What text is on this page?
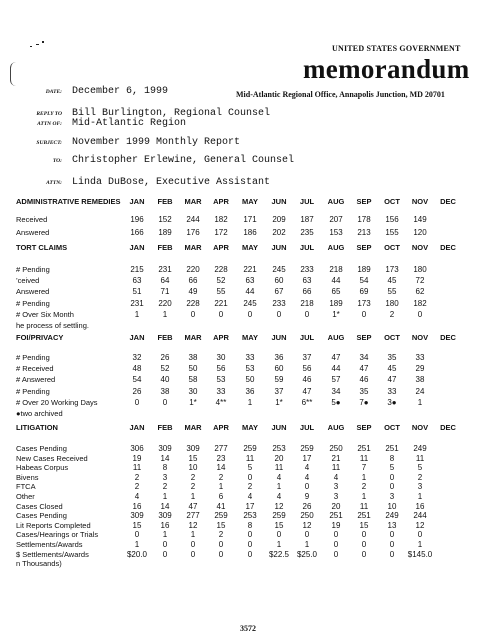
UNITED STATES GOVERNMENT
memorandum
Mid-Atlantic Regional Office, Annapolis Junction, MD 20701
DATE: December 6, 1999
REPLY TO Bill Burlington, Regional Counsel
ATTN OF: Mid-Atlantic Region
SUBJECT: November 1999 Monthly Report
TO: Christopher Erlewine, General Counsel
ATTN: Linda DuBose, Executive Assistant
ADMINISTRATIVE REMEDIES	JAN	FEB	MAR	APR	MAY	JUN	JUL	AUG	SEP	OCT	NOV	DEC
Received	196	152	244	182	171	209	187	207	178	156	149
Answered	166	189	176	172	186	202	235	153	213	155	120
TORT CLAIMS	JAN	FEB	MAR	APR	MAY	JUN	JUL	AUG	SEP	OCT	NOV	DEC
# Pending	215	231	220	228	221	245	233	218	189	173	180
’ceived	63	64	66	52	63	60	63	44	54	45	72
Answered	51	71	49	55	44	67	66	65	69	55	62
# Pending	231	220	228	221	245	233	218	189	173	180	182
# Over Six Month	1	1	0	0	0	0	0	1*	0	2	0
he process of settling.
FOI/PRIVACY	JAN	FEB	MAR	APR	MAY	JUN	JUL	AUG	SEP	OCT	NOV	DEC
# Pending	32	26	38	30	33	36	37	47	34	35	33
# Received	48	52	50	56	53	60	56	44	47	45	29
# Answered	54	40	58	53	50	59	46	57	46	47	38
# Pending	26	38	30	33	36	37	47	34	35	33	24
# Over 20 Working Days	0	0	1*	4**	1	1*	6**	5●	7●	3●	1
●two archived
LITIGATION	JAN	FEB	MAR	APR	MAY	JUN	JUL	AUG	SEP	OCT	NOV	DEC
Cases Pending	306	309	309	277	259	253	259	250	251	251	249
New Cases Received	19	14	15	23	11	20	17	21	11	8	11
Habeas Corpus	11	8	10	14	5	11	4	11	7	5	5
Bivens	2	3	2	2	0	4	4	4	1	0	2
FTCA	2	2	2	1	2	1	0	3	2	0	3
Other	4	1	1	6	4	4	9	3	1	3	1
Cases Closed	16	14	47	41	17	12	26	20	11	10	16
Cases Pending	309	309	277	259	253	259	250	251	251	249	244
Lit Reports Completed	15	16	12	15	8	15	12	19	15	13	12
Cases/Hearings or Trials	0	1	1	2	0	0	0	0	0	0	0
Settlements/Awards	1	0	0	0	0	1	1	0	0	0	1
$ Settlements/Awards	$20.0	0	0	0	0	$22.5 $25.0	0	0	0	$145.0
n Thousands)
3572
